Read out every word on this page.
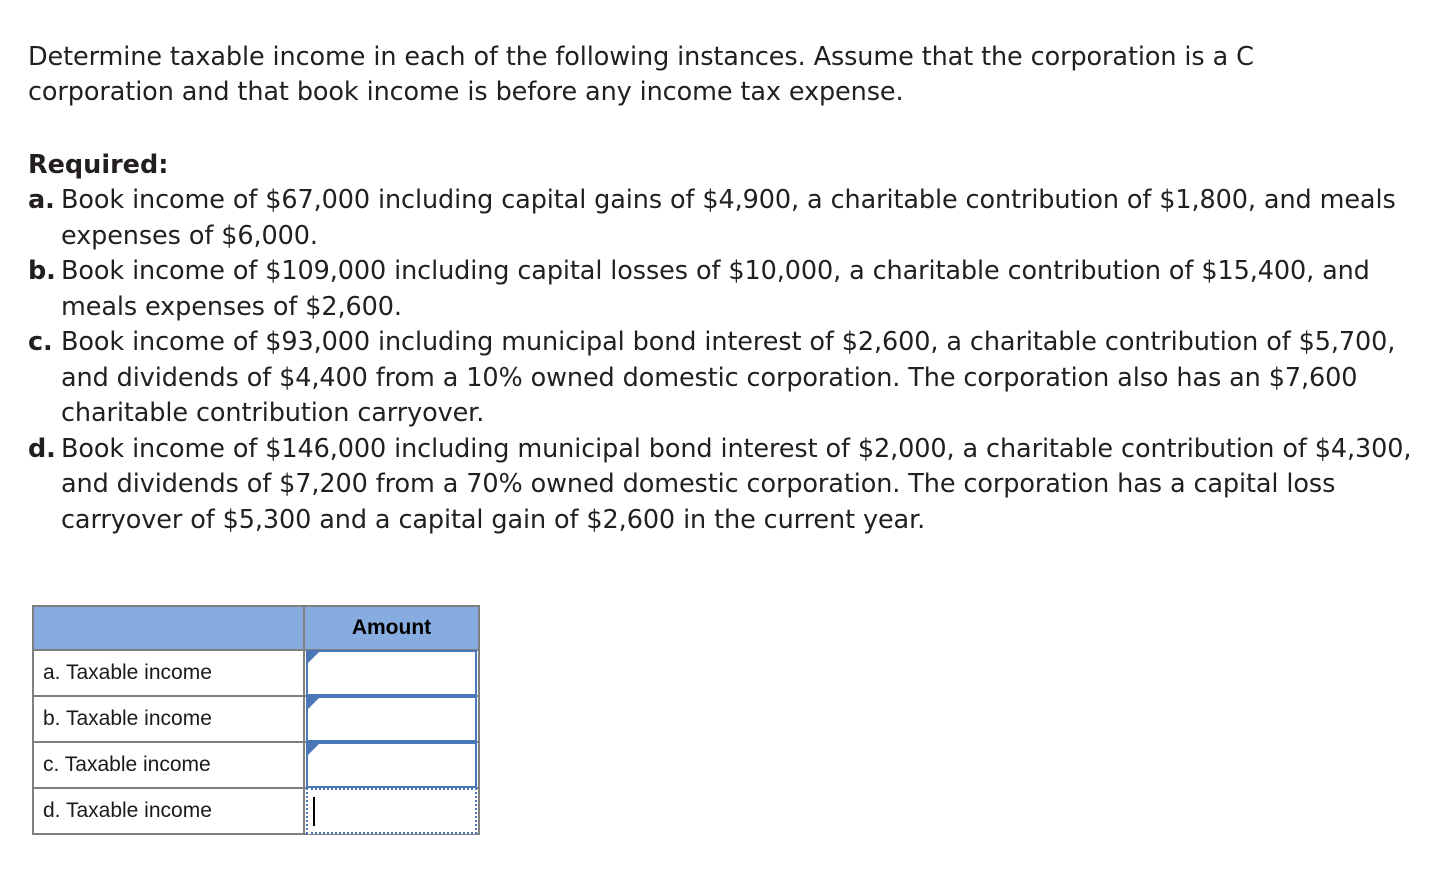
Determine taxable income in each of the following instances. Assume that the corporation is a C corporation and that book income is before any income tax expense.

Required:
a. Book income of $67,000 including capital gains of $4,900, a charitable contribution of $1,800, and meals expenses of $6,000.
b. Book income of $109,000 including capital losses of $10,000, a charitable contribution of $15,400, and meals expenses of $2,600.
c. Book income of $93,000 including municipal bond interest of $2,600, a charitable contribution of $5,700, and dividends of $4,400 from a 10% owned domestic corporation. The corporation also has an $7,600 charitable contribution carryover.
d. Book income of $146,000 including municipal bond interest of $2,000, a charitable contribution of $4,300, and dividends of $7,200 from a 70% owned domestic corporation. The corporation has a capital loss carryover of $5,300 and a capital gain of $2,600 in the current year.
	Amount
a. Taxable income	

b. Taxable income	

c. Taxable income	

d. Taxable income	
